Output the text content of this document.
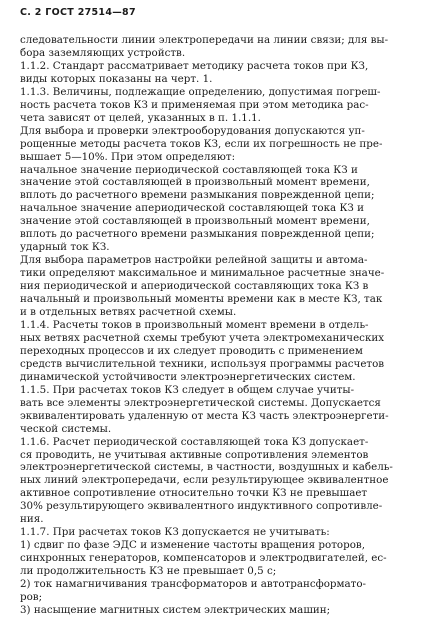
С. 2 ГОСТ 27514—87

следовательности линии электропередачи на линии связи; для вы-
бора заземляющих устройств.

1.1.2. Стандарт рассматривает методику расчета токов при КЗ,
виды которых показаны на черт. 1.

1.1.3. Величины, подлежащие определению, допустимая погреш-
ность расчета токов КЗ и применяемая при этом методика рас-
чета зависят от целей, указанных в п. 1.1.1.

Для выбора и проверки электрооборудования допускаются уп-
рощенные методы расчета токов КЗ, если их погрешность не пре-
вышает 5—10%. При этом определяют:

начальное значение периодической составляющей тока КЗ и
значение этой составляющей в произвольный момент времени,
вплоть до расчетного времени размыкания поврежденной цепи;

начальное значение апериодической составляющей тока КЗ и
значение этой составляющей в произвольный момент времени,
вплоть до расчетного времени размыкания поврежденной цепи;

ударный ток КЗ.

Для выбора параметров настройки релейной защиты и автома-
тики определяют максимальное и минимальное расчетные значе-
ния периодической и апериодической составляющих тока КЗ в
начальный и произвольный моменты времени как в месте КЗ, так
и в отдельных ветвях расчетной схемы.

1.1.4. Расчеты токов в произвольный момент времени в отдель-
ных ветвях расчетной схемы требуют учета электромеханических
переходных процессов и их следует проводить с применением
средств вычислительной техники, используя программы расчетов
динамической устойчивости электроэнергетических систем.

1.1.5. При расчетах токов КЗ следует в общем случае учиты-
вать все элементы электроэнергетической системы. Допускается
эквивалентировать удаленную от места КЗ часть электроэнергети-
ческой системы.

1.1.6. Расчет периодической составляющей тока КЗ допускает-
ся проводить, не учитывая активные сопротивления элементов
электроэнергетической системы, в частности, воздушных и кабель-
ных линий электропередачи, если результирующее эквивалентное
активное сопротивление относительно точки КЗ не превышает
30% результирующего эквивалентного индуктивного сопротивле-
ния.

1.1.7. При расчетах токов КЗ допускается не учитывать:

1) сдвиг по фазе ЭДС и изменение частоты вращения роторов,
синхронных генераторов, компенсаторов и электродвигателей, ес-
ли продолжительность КЗ не превышает 0,5 с;

2) ток намагничивания трансформаторов и автотрансформато-
ров;

3) насыщение магнитных систем электрических машин;
